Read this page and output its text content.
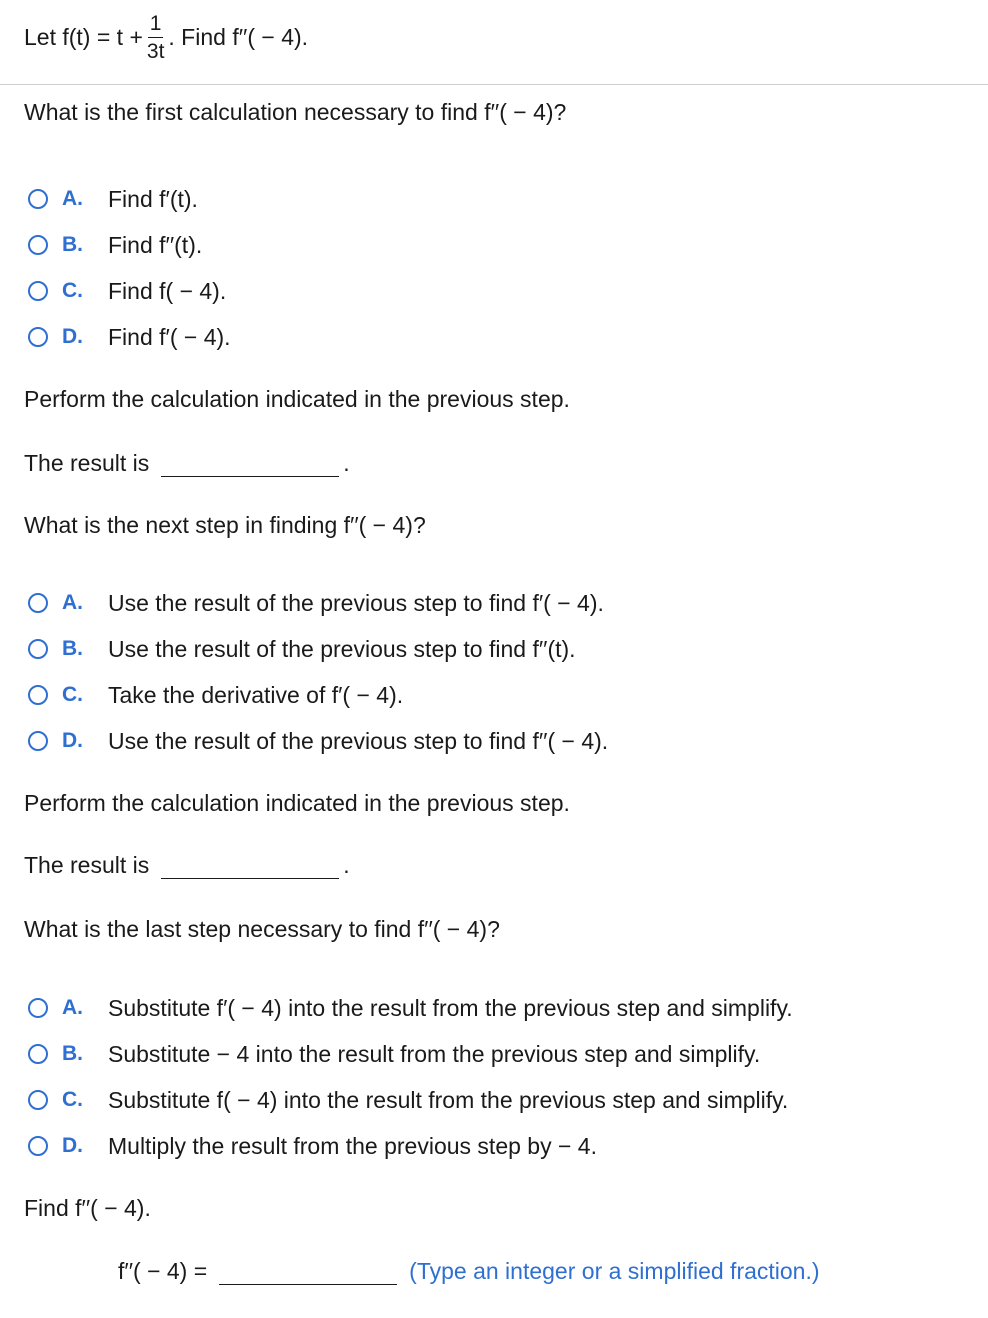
Let $f(t) = t + \frac{1}{3t}$ . Find f′′( − 4).
What is the first calculation necessary to find f′′( − 4)?
A.	Find f′(t).
B.	Find f′′(t).
C.	Find f( − 4).
D.	Find f′( − 4).
Perform the calculation indicated in the previous step.
The result is	.
What is the next step in finding f′′( − 4)?
A.	Use the result of the previous step to find f′( − 4).
B.	Use the result of the previous step to find f′′(t).
C.	Take the derivative of f′( − 4).
D.	Use the result of the previous step to find f′′( − 4).
Perform the calculation indicated in the previous step.
The result is	.
What is the last step necessary to find f′′( − 4)?
A.	Substitute f′( − 4) into the result from the previous step and simplify.
B.	Substitute − 4 into the result from the previous step and simplify.
C.	Substitute f( − 4) into the result from the previous step and simplify.
D.	Multiply the result from the previous step by − 4.
Find f′′( − 4).
f′′( − 4) =	(Type an integer or a simplified fraction.)
